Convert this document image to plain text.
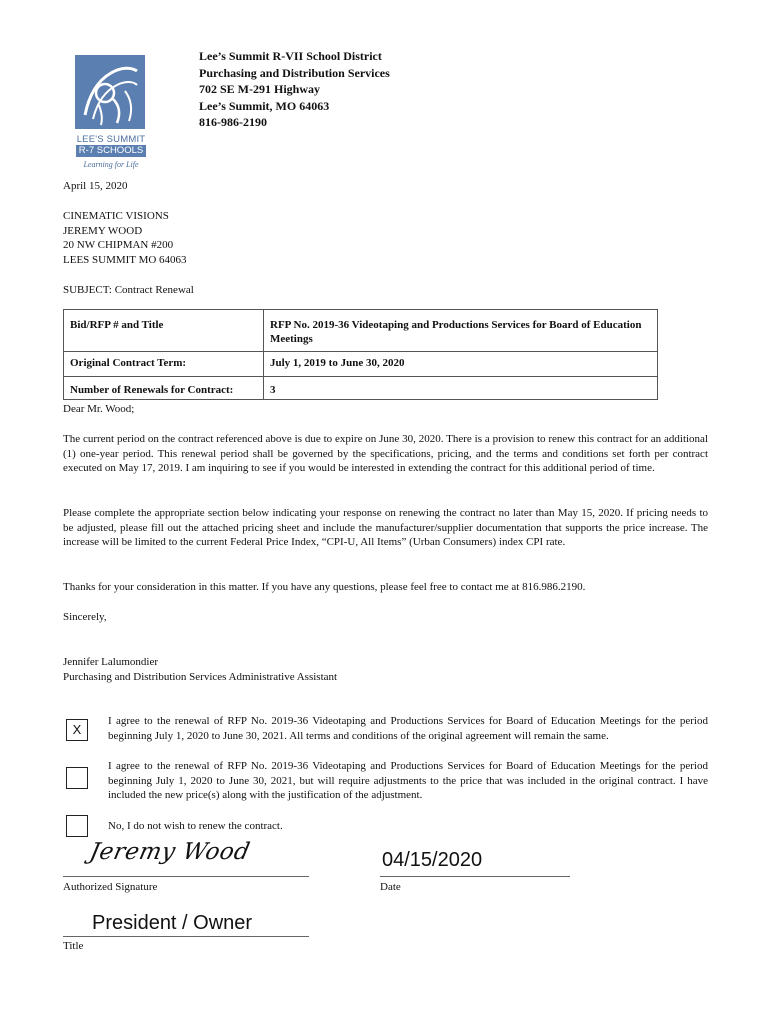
LEE'S SUMMIT
R-7 SCHOOLS
Learning for Life
Lee’s Summit R-VII School District
Purchasing and Distribution Services
702 SE M-291 Highway
Lee’s Summit, MO 64063
816-986-2190
April 15, 2020
CINEMATIC VISIONS
JEREMY WOOD
20 NW CHIPMAN #200
LEES SUMMIT MO 64063
SUBJECT: Contract Renewal
Bid/RFP # and Title	RFP No. 2019-36 Videotaping and Productions Services for Board of Education Meetings
Original Contract Term:	July 1, 2019 to June 30, 2020
Number of Renewals for Contract:	3
Dear Mr. Wood;
The current period on the contract referenced above is due to expire on June 30, 2020. There is a provision to renew this contract for an additional (1) one-year period. This renewal period shall be governed by the specifications, pricing, and the terms and conditions set forth per contract executed on May 17, 2019. I am inquiring to see if you would be interested in extending the contract for this additional period of time.
Please complete the appropriate section below indicating your response on renewing the contract no later than May 15, 2020. If pricing needs to be adjusted, please fill out the attached pricing sheet and include the manufacturer/supplier documentation that supports the price increase. The increase will be limited to the current Federal Price Index, “CPI-U, All Items” (Urban Consumers) index CPI rate.
Thanks for your consideration in this matter. If you have any questions, please feel free to contact me at 816.986.2190.
Sincerely,
Jennifer Lalumondier
Purchasing and Distribution Services Administrative Assistant
X
I agree to the renewal of RFP No. 2019-36 Videotaping and Productions Services for Board of Education Meetings for the period beginning July 1, 2020 to June 30, 2021. All terms and conditions of the original agreement will remain the same.
I agree to the renewal of RFP No. 2019-36 Videotaping and Productions Services for Board of Education Meetings for the period beginning July 1, 2020 to June 30, 2021, but will require adjustments to the price that was included in the original contract. I have included the new price(s) along with the justification of the adjustment.
No, I do not wish to renew the contract.
Jeremy Wood
Authorized Signature
04/15/2020
Date
President / Owner
Title
